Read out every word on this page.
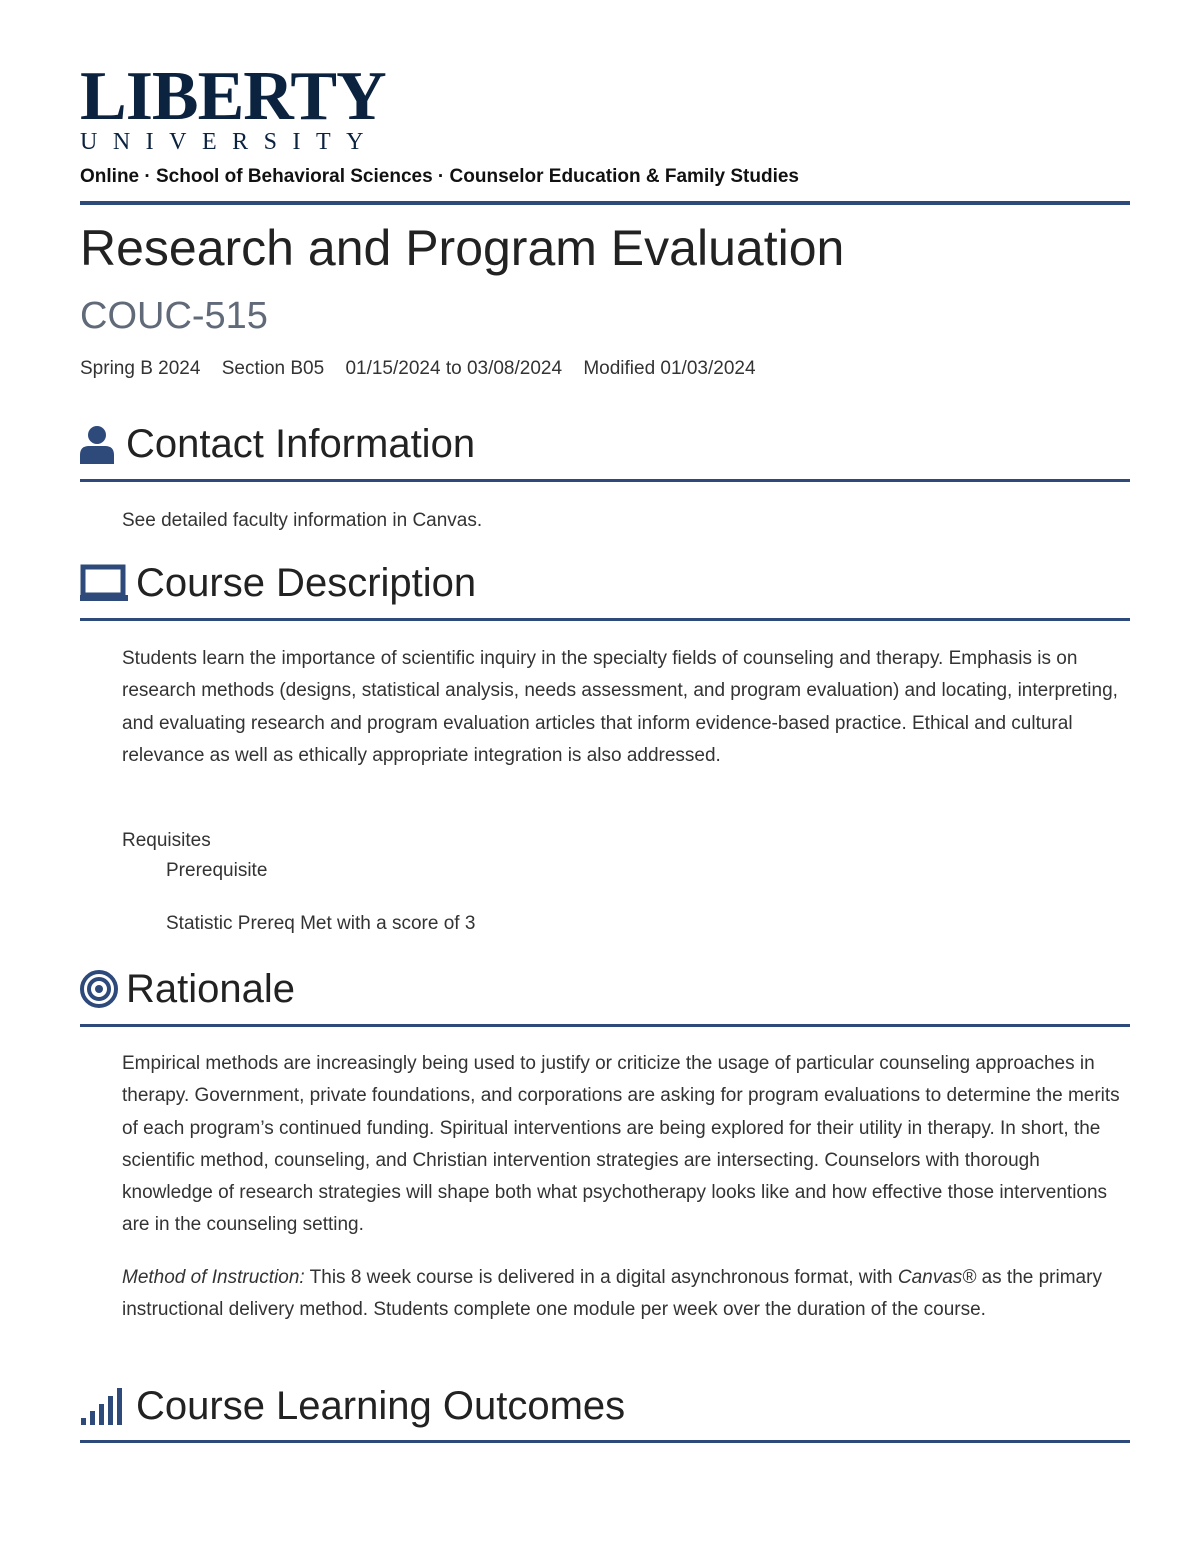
LIBERTY
UNIVERSITY
Online · School of Behavioral Sciences · Counselor Education & Family Studies
Research and Program Evaluation
COUC-515
Spring B 2024 Section B05 01/15/2024 to 03/08/2024 Modified 01/03/2024
Contact Information

See detailed faculty information in Canvas.

Course Description

Students learn the importance of scientific inquiry in the specialty fields of counseling and therapy. Emphasis is on research methods (designs, statistical analysis, needs assessment, and program evaluation) and locating, interpreting, and evaluating research and program evaluation articles that inform evidence-based practice. Ethical and cultural relevance as well as ethically appropriate integration is also addressed.

Requisites

Prerequisite
Statistic Prereq Met with a score of 3
Rationale

Empirical methods are increasingly being used to justify or criticize the usage of particular counseling approaches in therapy. Government, private foundations, and corporations are asking for program evaluations to determine the merits of each program’s continued funding. Spiritual interventions are being explored for their utility in therapy. In short, the scientific method, counseling, and Christian intervention strategies are intersecting. Counselors with thorough knowledge of research strategies will shape both what psychotherapy looks like and how effective those interventions are in the counseling setting.

Method of Instruction: This 8 week course is delivered in a digital asynchronous format, with Canvas® as the primary instructional delivery method. Students complete one module per week over the duration of the course.

Course Learning Outcomes
